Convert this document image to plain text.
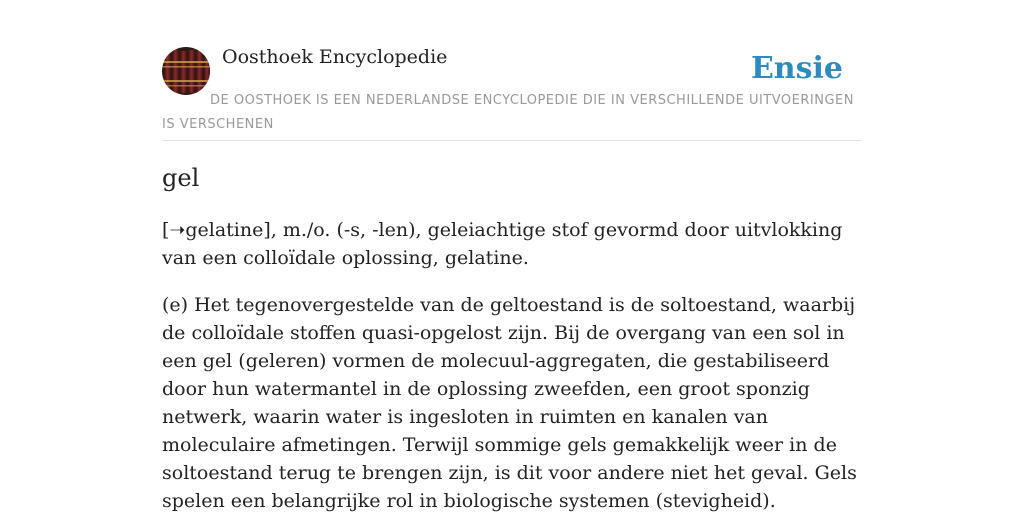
Oosthoek Encyclopedie	Ensie
DE OOSTHOEK IS EEN NEDERLANDSE ENCYCLOPEDIE DIE IN VERSCHILLENDE UITVOERINGEN IS VERSCHENEN
gel

[➝gelatine], m./o. (-s, -len), geleiachtige stof gevormd door uitvlokking van een colloïdale oplossing, gelatine.

(e) Het tegenovergestelde van de geltoestand is de soltoestand, waarbij de colloïdale stoffen quasi-opgelost zijn. Bij de overgang van een sol in een gel (geleren) vormen de molecuul-aggregaten, die gestabiliseerd door hun watermantel in de oplossing zweefden, een groot sponzig netwerk, waarin water is ingesloten in ruimten en kanalen van moleculaire afmetingen. Terwijl sommige gels gemakkelijk weer in de soltoestand terug te brengen zijn, is dit voor andere niet het geval. Gels spelen een belangrijke rol in biologische systemen (stevigheid).
